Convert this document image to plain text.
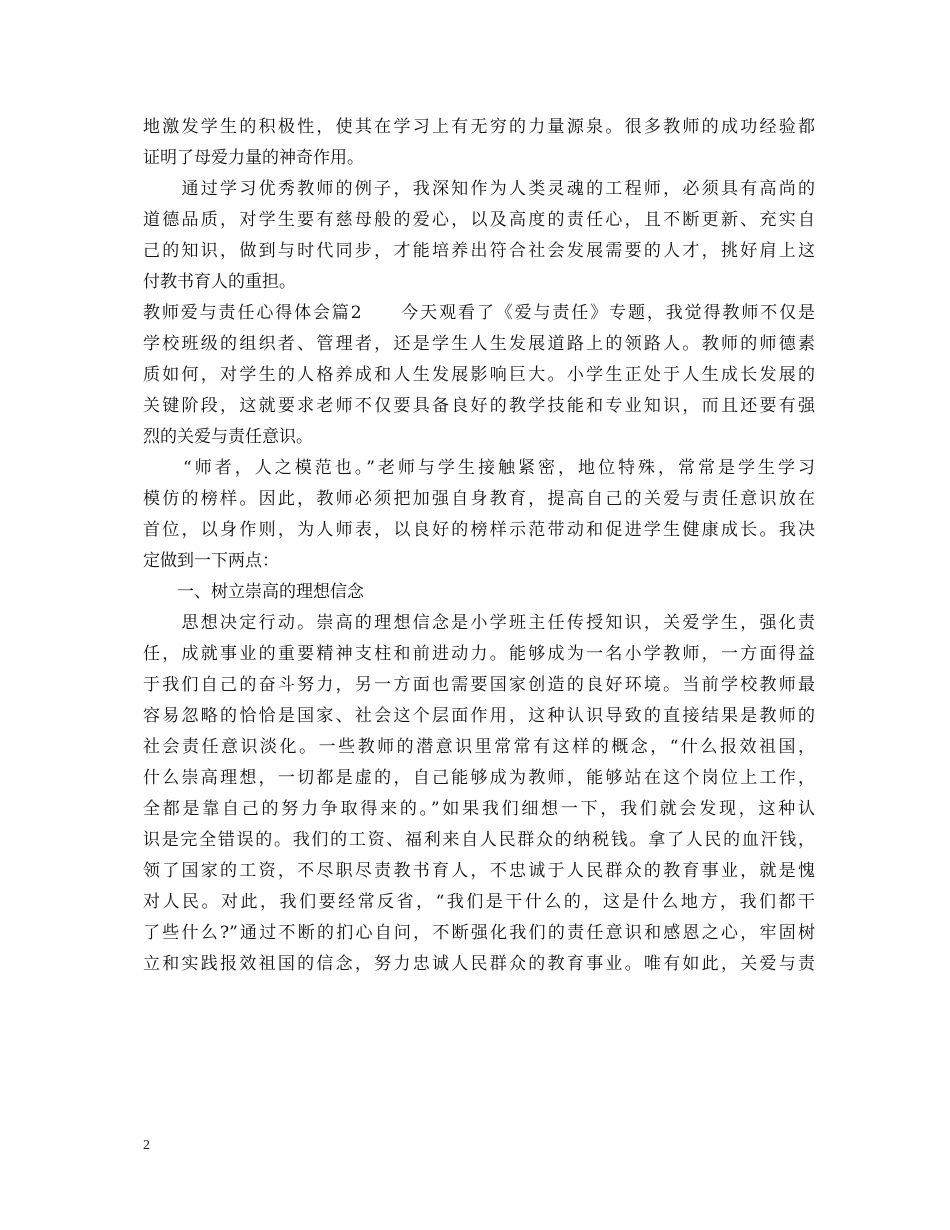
地激发学生的积极性，使其在学习上有无穷的力量源泉。很多教师的成功经验都
证明了母爱力量的神奇作用。
　　通过学习优秀教师的例子，我深知作为人类灵魂的工程师，必须具有高尚的
道德品质，对学生要有慈母般的爱心，以及高度的责任心，且不断更新、充实自
己的知识，做到与时代同步，才能培养出符合社会发展需要的人才，挑好肩上这
付教书育人的重担。
教师爱与责任心得体会篇2　　今天观看了《爱与责任》专题，我觉得教师不仅是
学校班级的组织者、管理者，还是学生人生发展道路上的领路人。教师的师德素
质如何，对学生的人格养成和人生发展影响巨大。小学生正处于人生成长发展的
关键阶段，这就要求老师不仅要具备良好的教学技能和专业知识，而且还要有强
烈的关爱与责任意识。
　　“师者，人之模范也。”老师与学生接触紧密，地位特殊，常常是学生学习
模仿的榜样。因此，教师必须把加强自身教育，提高自己的关爱与责任意识放在
首位，以身作则，为人师表，以良好的榜样示范带动和促进学生健康成长。我决
定做到一下两点：
　　一、树立崇高的理想信念
　　思想决定行动。崇高的理想信念是小学班主任传授知识，关爱学生，强化责
任，成就事业的重要精神支柱和前进动力。能够成为一名小学教师，一方面得益
于我们自己的奋斗努力，另一方面也需要国家创造的良好环境。当前学校教师最
容易忽略的恰恰是国家、社会这个层面作用，这种认识导致的直接结果是教师的
社会责任意识淡化。一些教师的潜意识里常常有这样的概念，“什么报效祖国，
什么崇高理想，一切都是虚的，自己能够成为教师，能够站在这个岗位上工作，
全都是靠自己的努力争取得来的。”如果我们细想一下，我们就会发现，这种认
识是完全错误的。我们的工资、福利来自人民群众的纳税钱。拿了人民的血汗钱，
领了国家的工资，不尽职尽责教书育人，不忠诚于人民群众的教育事业，就是愧
对人民。对此，我们要经常反省，“我们是干什么的，这是什么地方，我们都干
了些什么?”通过不断的扪心自问，不断强化我们的责任意识和感恩之心，牢固树
立和实践报效祖国的信念，努力忠诚人民群众的教育事业。唯有如此，关爱与责
2
